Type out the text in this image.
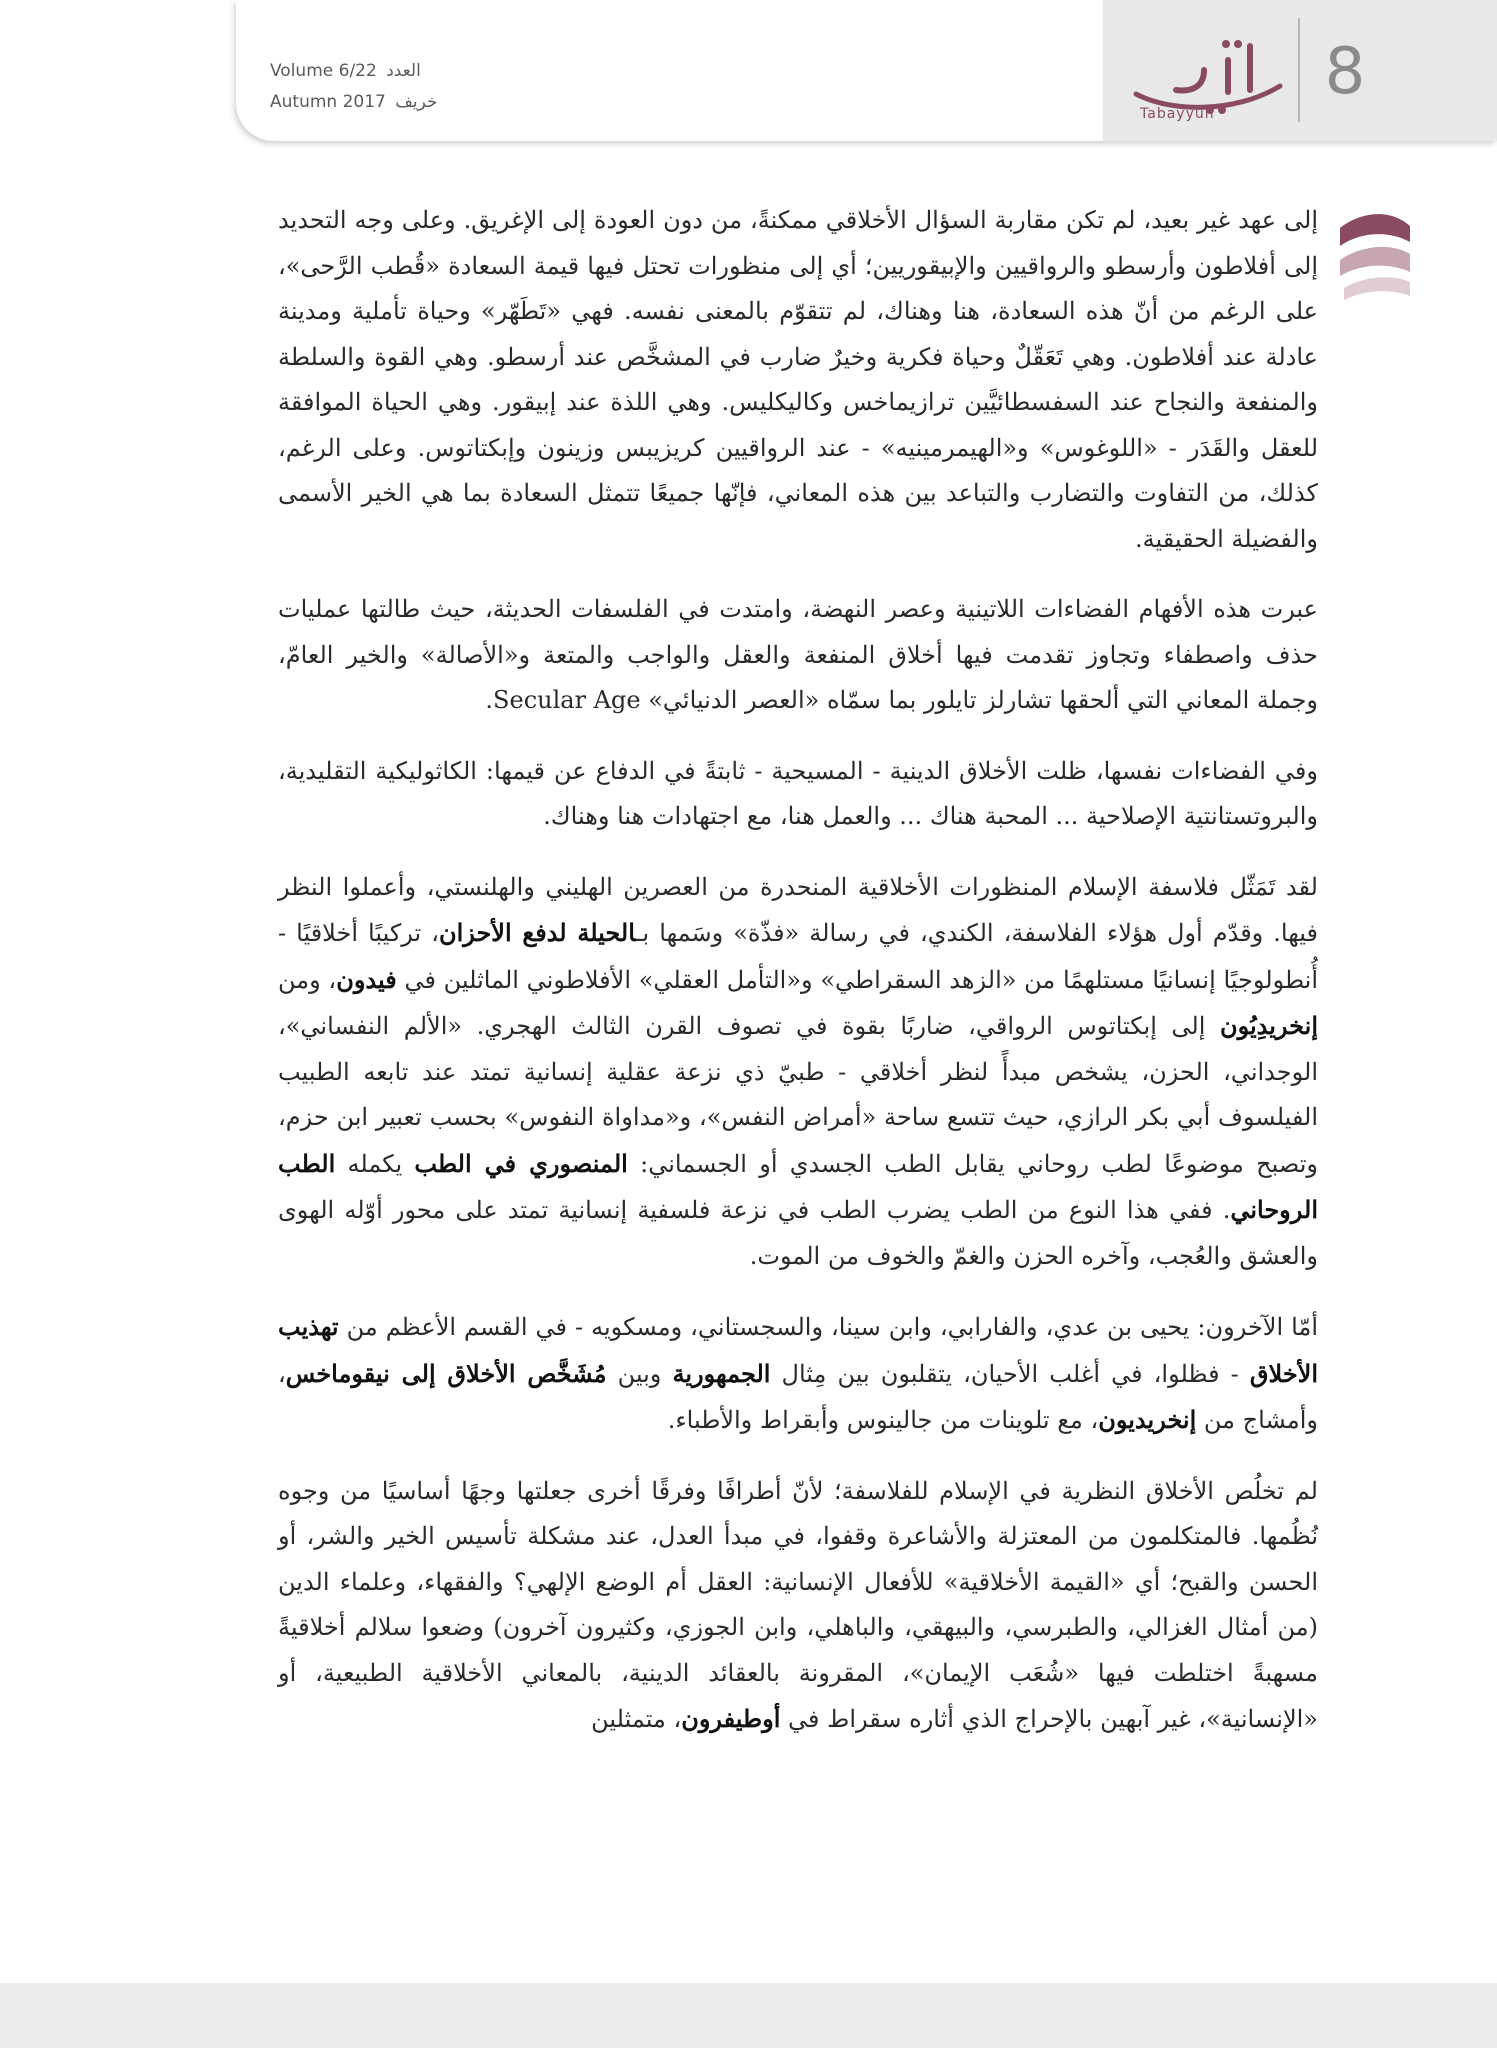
Volume 6/22 العدد
Autumn 2017 خريف
Tabayyun
8

إلى عهد غير بعيد، لم تكن مقاربة السؤال الأخلاقي ممكنةً، من دون العودة إلى الإغريق. وعلى وجه التحديد إلى أفلاطون وأرسطو والرواقيين والإبيقوريين؛ أي إلى منظورات تحتل فيها قيمة السعادة «قُطب الرَّحى»، على الرغم من أنّ هذه السعادة، هنا وهناك، لم تتقوّم بالمعنى نفسه. فهي «تَطَهّر» وحياة تأملية ومدينة عادلة عند أفلاطون. وهي تَعَقّلٌ وحياة فكرية وخيرٌ ضارب في المشخَّص عند أرسطو. وهي القوة والسلطة والمنفعة والنجاح عند السفسطائيَّين ترازيماخس وكاليكليس. وهي اللذة عند إبيقور. وهي الحياة الموافقة للعقل والقَدَر - «اللوغوس» و«الهيمرمينيه» - عند الرواقيين كريزيبس وزينون وإبكتاتوس. وعلى الرغم، كذلك، من التفاوت والتضارب والتباعد بين هذه المعاني، فإنّها جميعًا تتمثل السعادة بما هي الخير الأسمى والفضيلة الحقيقية.

عبرت هذه الأفهام الفضاءات اللاتينية وعصر النهضة، وامتدت في الفلسفات الحديثة، حيث طالتها عمليات حذف واصطفاء وتجاوز تقدمت فيها أخلاق المنفعة والعقل والواجب والمتعة و«الأصالة» والخير العامّ، وجملة المعاني التي ألحقها تشارلز تايلور بما سمّاه «العصر الدنيائي» Secular Age.

وفي الفضاءات نفسها، ظلت الأخلاق الدينية - المسيحية - ثابتةً في الدفاع عن قيمها: الكاثوليكية التقليدية، والبروتستانتية الإصلاحية ... المحبة هناك ... والعمل هنا، مع اجتهادات هنا وهناك.

لقد تَمَثّل فلاسفة الإسلام المنظورات الأخلاقية المنحدرة من العصرين الهليني والهلنستي، وأعملوا النظر فيها. وقدّم أول هؤلاء الفلاسفة، الكندي، في رسالة «فذّة» وسَمها بـالحيلة لدفع الأحزان، تركيبًا أخلاقيًا - أُنطولوجيًا إنسانيًا مستلهمًا من «الزهد السقراطي» و«التأمل العقلي» الأفلاطوني الماثلين في فيدون، ومن إنخريدِيُون إلى إبكتاتوس الرواقي، ضاربًا بقوة في تصوف القرن الثالث الهجري. «الألم النفساني»، الوجداني، الحزن، يشخص مبدأً لنظر أخلاقي - طبيّ ذي نزعة عقلية إنسانية تمتد عند تابعه الطبيب الفيلسوف أبي بكر الرازي، حيث تتسع ساحة «أمراض النفس»، و«مداواة النفوس» بحسب تعبير ابن حزم، وتصبح موضوعًا لطب روحاني يقابل الطب الجسدي أو الجسماني: المنصوري في الطب يكمله الطب الروحاني. ففي هذا النوع من الطب يضرب الطب في نزعة فلسفية إنسانية تمتد على محور أوّله الهوى والعشق والعُجب، وآخره الحزن والغمّ والخوف من الموت.

أمّا الآخرون: يحيى بن عدي، والفارابي، وابن سينا، والسجستاني، ومسكويه - في القسم الأعظم من تهذيب الأخلاق - فظلوا، في أغلب الأحيان، يتقلبون بين مِثال الجمهورية وبين مُشَخَّص الأخلاق إلى نيقوماخس، وأمشاج من إنخريديون، مع تلوينات من جالينوس وأبقراط والأطباء.

لم تخلُص الأخلاق النظرية في الإسلام للفلاسفة؛ لأنّ أطرافًا وفرقًا أخرى جعلتها وجهًا أساسيًا من وجوه نُظُمها. فالمتكلمون من المعتزلة والأشاعرة وقفوا، في مبدأ العدل، عند مشكلة تأسيس الخير والشر، أو الحسن والقبح؛ أي «القيمة الأخلاقية» للأفعال الإنسانية: العقل أم الوضع الإلهي؟ والفقهاء، وعلماء الدين (من أمثال الغزالي، والطبرسي، والبيهقي، والباهلي، وابن الجوزي، وكثيرون آخرون) وضعوا سلالم أخلاقيةً مسهبةً اختلطت فيها «شُعَب الإيمان»، المقرونة بالعقائد الدينية، بالمعاني الأخلاقية الطبيعية، أو «الإنسانية»، غير آبهين بالإحراج الذي أثاره سقراط في أوطيفرون، متمثلين
